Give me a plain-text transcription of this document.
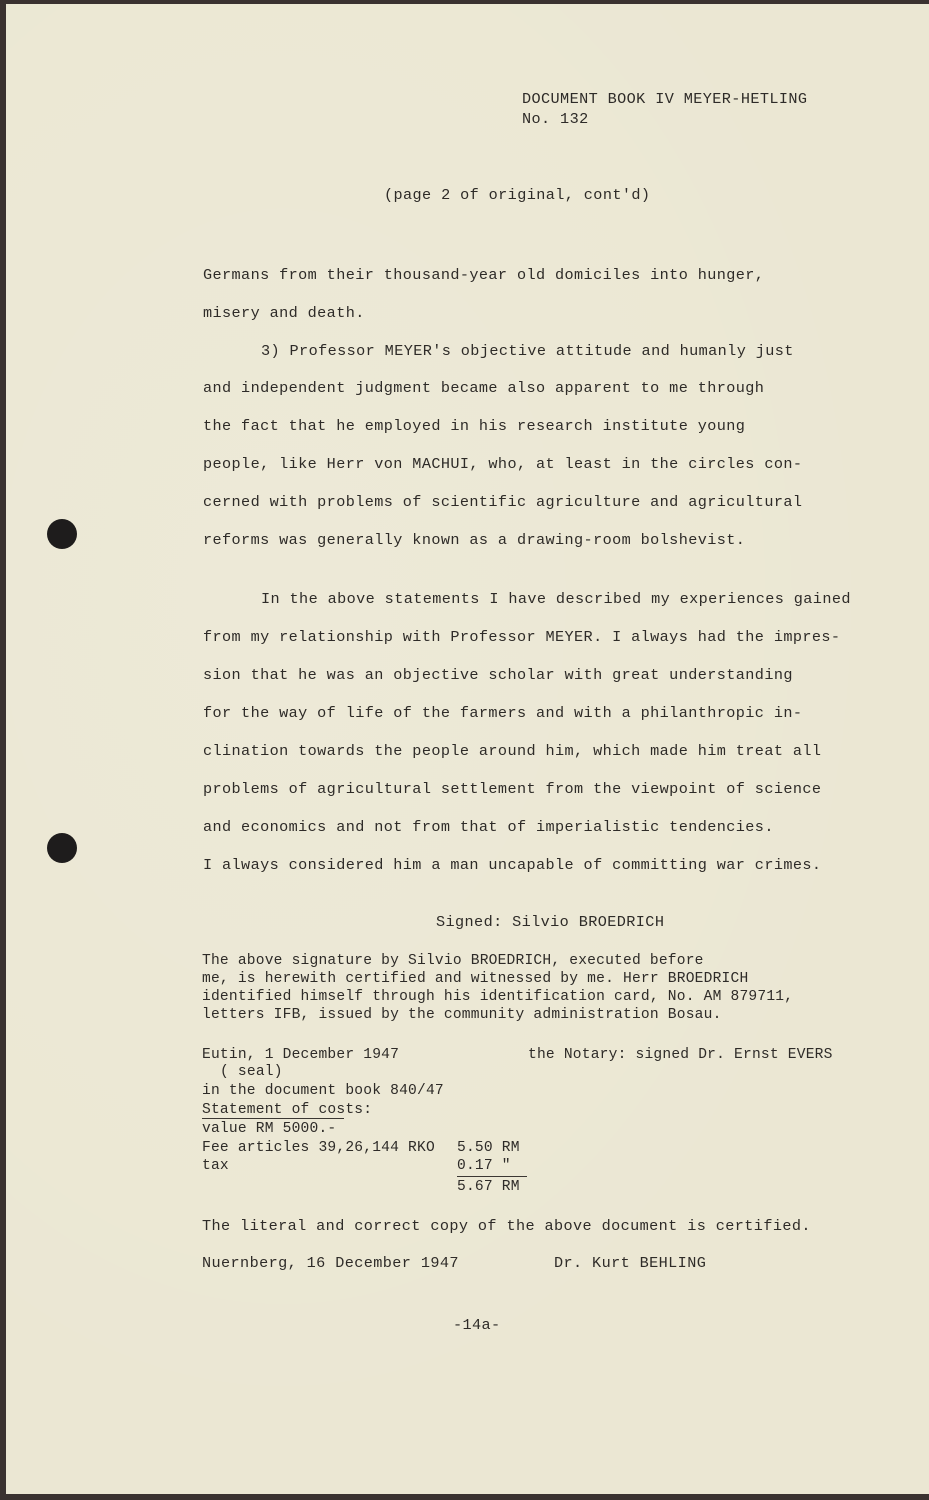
DOCUMENT BOOK IV MEYER-HETLING
No. 132
(page 2 of original, cont'd)
Germans from their thousand-year old domiciles into hunger,
misery and death.
3) Professor MEYER's objective attitude and humanly just
and independent judgment became also apparent to me through
the fact that he employed in his research institute young
people, like Herr von MACHUI, who, at least in the circles con-
cerned with problems of scientific agriculture and agricultural
reforms was generally known as a drawing-room bolshevist.
In the above statements I have described my experiences gained
from my relationship with Professor MEYER. I always had the impres-
sion that he was an objective scholar with great understanding
for the way of life of the farmers and with a philanthropic in-
clination towards the people around him, which made him treat all
problems of agricultural settlement from the viewpoint of science
and economics and not from that of imperialistic tendencies.
I always considered him a man uncapable of committing war crimes.
Signed: Silvio BROEDRICH
The above signature by Silvio BROEDRICH, executed before
me, is herewith certified and witnessed by me. Herr BROEDRICH
identified himself through his identification card, No. AM 879711,
letters IFB, issued by the community administration Bosau.
Eutin, 1 December 1947	the Notary: signed Dr. Ernst EVERS
( seal)
in the document book 840/47
Statement of costs:
value RM 5000.-
Fee articles 39,26,144 RKO 5.50 RM
tax	0.17 "
5.67 RM
The literal and correct copy of the above document is certified.
Nuernberg, 16 December 1947	Dr. Kurt BEHLING
-14a-
